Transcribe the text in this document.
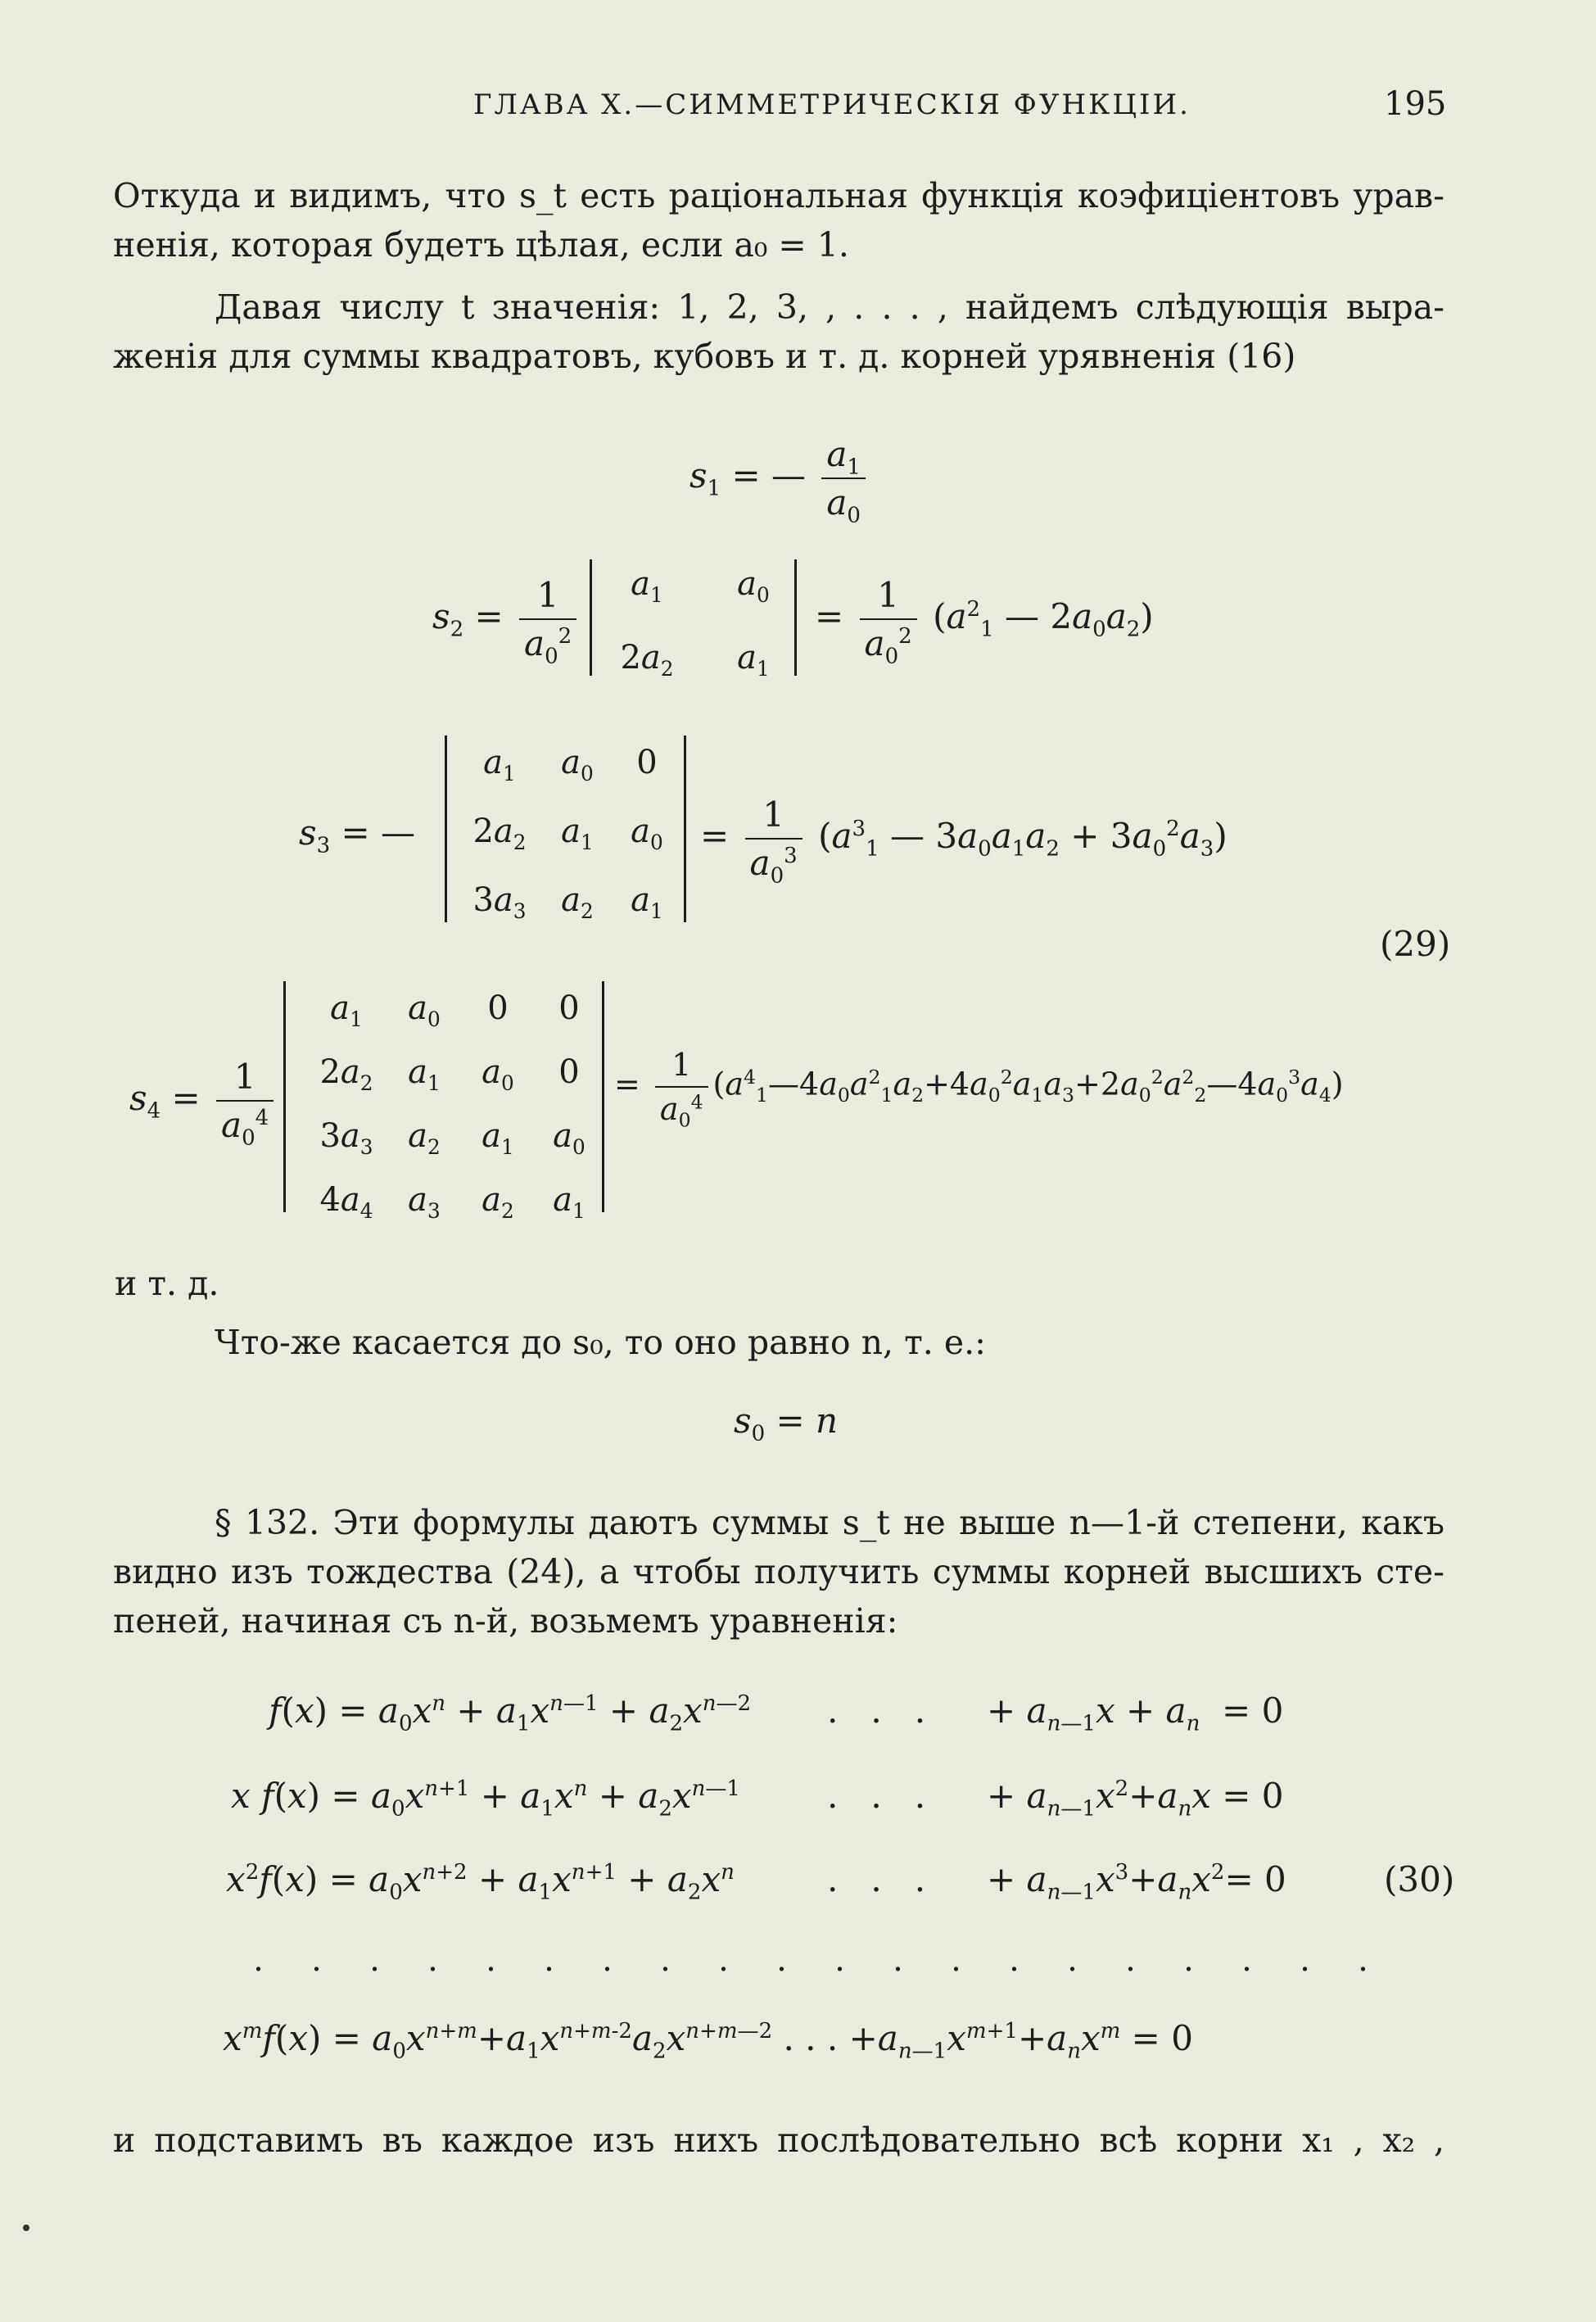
ГЛАВА X.—СИММЕТРИЧЕСКІЯ ФУНКЦІИ.	195
Откуда и видимъ, что s_t есть раціональная функція коэфиціентовъ урав-
ненія, которая будетъ цѣлая, если a₀ = 1.
Давая числу t значенія: 1, 2, 3, , . . . , найдемъ слѣдующія выра-
женія для суммы квадратовъ, кубовъ и т. д. корней урявненія (16)
$s_1$ = — $\frac{a_1}{a_0}$
$s_2 = \frac{1}{a_0^2}$	$a_1$	$a_0$
$2a_2$	$a_1$
= $\frac{1}{a_0^2} (a^2_1$ — $2a_0a_2$)
$s_3$ = —
$a_1$	$a_0$	0
$2a_2$	$a_1$	$a_0$
$3a_3$	$a_2$	$a_1$
= $\frac{1}{a_0^3} (a^3_1$ — $3a_0a_1a_2 + 3a_0^2a_3$)
(29)
$s_4 = \frac{1}{a_0^4}$
$a_1$	$a_0$	0	0
$2a_2$	$a_1$	$a_0$	0
$3a_3$	$a_2$	$a_1$	$a_0$
$4a_4$	$a_3$	$a_2$	$a_1$
= $\frac{1}{a_0^4}$ $(a^4_1—4a_0a^2_1a_2+4a_0^2a_1a_3+2a_0^2a^2_2—4a_0^3a_4)$
и т. д.
Что-же касается до s₀, то оно равно n, т. е.:
$s_0 = n$
§ 132. Эти формулы даютъ суммы s_t не выше n—1-й степени, какъ
видно изъ тождества (24), а чтобы получить суммы корней высшихъ сте-
пеней, начиная съ n-й, возьмемъ уравненія:
$f(x) = a_0x^n + a_1x^{n—1} + a_2x^{n—2}$ .   .   . + $a_{n—1}x + a_n = 0$
x $f(x) = a_0x^{n+1} + a_1x^n + a_2x^{n—1}$	.   .   . + $a_{n—1}x^2+a_nx = 0$
$x^2f(x) = a_0x^{n+2} + a_1x^{n+1} + a_2x^n$	.   .   . + $a_{n—1}x^3+a_nx^2= 0$	(30)
. . . . . . . . . . . . . . . . . . . .
$x^mf(x) = a_0x^{n+m}+a_1x^{n+m-2}a_2x^{n+m—2}$ . . . $+a_{n—1}x^{m+1}+a_nx^m = 0$
и подставимъ въ каждое изъ нихъ послѣдовательно всѣ корни x₁ , x₂ ,
